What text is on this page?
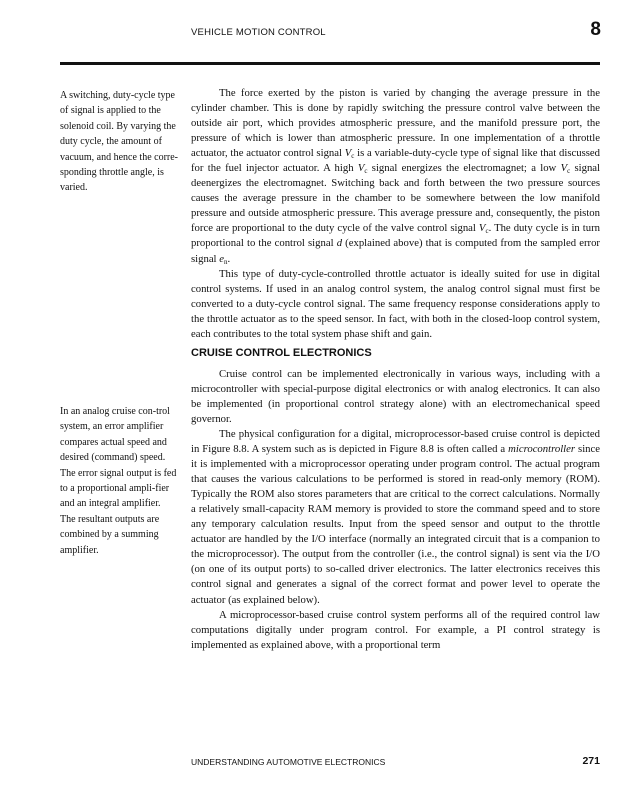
VEHICLE MOTION CONTROL	8

A switching, duty-cycle type of signal is applied to the solenoid coil. By varying the duty cycle, the amount of vacuum, and hence the corre-sponding throttle angle, is varied.

In an analog cruise con-trol system, an error amplifier compares actual speed and desired (command) speed. The error signal output is fed to a proportional ampli-fier and an integral amplifier. The resultant outputs are combined by a summing amplifier.

The force exerted by the piston is varied by changing the average pressure in the cylinder chamber. This is done by rapidly switching the pressure control valve between the outside air port, which provides atmospheric pressure, and the manifold pressure port, the pressure of which is lower than atmospheric pressure. In one implementation of a throttle actuator, the actuator control signal $V_c$ is a variable-duty-cycle type of signal like that discussed for the fuel injector actuator. A high $V_c$ signal energizes the electromagnet; a low $V_c$ signal deenergizes the electromagnet. Switching back and forth between the two pressure sources causes the average pressure in the chamber to be somewhere between the low manifold pressure and outside atmospheric pressure. This average pressure and, consequently, the piston force are proportional to the duty cycle of the valve control signal $V_c$. The duty cycle is in turn proportional to the control signal d (explained above) that is computed from the sampled error signal $e_n$.

This type of duty-cycle-controlled throttle actuator is ideally suited for use in digital control systems. If used in an analog control system, the analog control signal must first be converted to a duty-cycle control signal. The same frequency response considerations apply to the throttle actuator as to the speed sensor. In fact, with both in the closed-loop control system, each contributes to the total system phase shift and gain.

CRUISE CONTROL ELECTRONICS

Cruise control can be implemented electronically in various ways, including with a microcontroller with special-purpose digital electronics or with analog electronics. It can also be implemented (in proportional control strategy alone) with an electromechanical speed governor.

The physical configuration for a digital, microprocessor-based cruise control is depicted in Figure 8.8. A system such as is depicted in Figure 8.8 is often called a microcontroller since it is implemented with a microprocessor operating under program control. The actual program that causes the various calculations to be performed is stored in read-only memory (ROM). Typically the ROM also stores parameters that are critical to the correct calculations. Normally a relatively small-capacity RAM memory is provided to store the command speed and to store any temporary calculation results. Input from the speed sensor and output to the throttle actuator are handled by the I/O interface (normally an integrated circuit that is a companion to the microprocessor). The output from the controller (i.e., the control signal) is sent via the I/O (on one of its output ports) to so-called driver electronics. The latter electronics receives this control signal and generates a signal of the correct format and power level to operate the actuator (as explained below).

A microprocessor-based cruise control system performs all of the required control law computations digitally under program control. For example, a PI control strategy is implemented as explained above, with a proportional term

UNDERSTANDING AUTOMOTIVE ELECTRONICS	271
